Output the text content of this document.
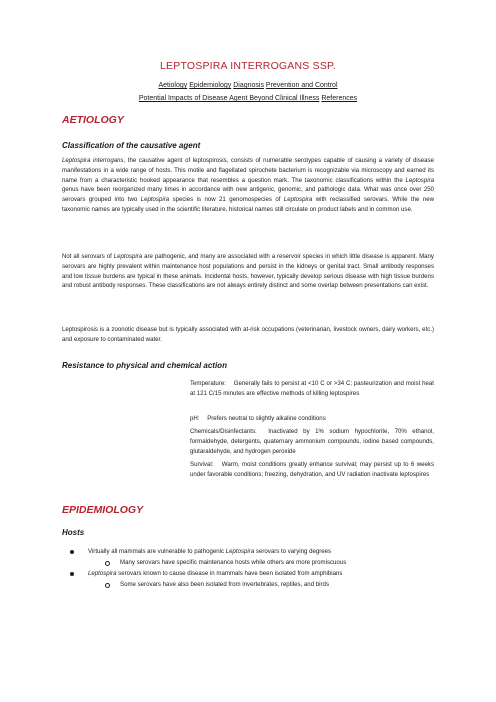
LEPTOSPIRA INTERROGANS SSP.
Aetiology Epidemiology Diagnosis Prevention and Control
Potential Impacts of Disease Agent Beyond Clinical Illness References
AETIOLOGY
Classification of the causative agent

Leptospira interrogans, the causative agent of leptospirosis, consists of numerable serotypes capable of causing a variety of disease manifestations in a wide range of hosts. This motile and flagellated spirochete bacterium is recognizable via microscopy and earned its name from a characteristic hooked appearance that resembles a question mark. The taxonomic classifications within the Leptospira genus have been reorganized many times in accordance with new antigenic, genomic, and pathologic data. What was once over 250 serovars grouped into two Leptospira species is now 21 genomospecies of Leptospira with reclassified serovars. While the new taxonomic names are typically used in the scientific literature, historical names still circulate on product labels and in common use.

Not all serovars of Leptospira are pathogenic, and many are associated with a reservoir species in which little disease is apparent. Many serovars are highly prevalent within maintenance host populations and persist in the kidneys or genital tract. Small antibody responses and low tissue burdens are typical in these animals. Incidental hosts, however, typically develop serious disease with high tissue burdens and robust antibody responses. These classifications are not always entirely distinct and some overlap between presentations can exist.

Leptospirosis is a zoonotic disease but is typically associated with at-risk occupations (veterinarian, livestock owners, dairy workers, etc.) and exposure to contaminated water.

Resistance to physical and chemical action

Temperature: Generally fails to persist at <10 C or >34 C; pasteurization and moist heat at 121 C/15 minutes are effective methods of killing leptospires

pH: Prefers neutral to slightly alkaline conditions

Chemicals/Disinfectants: Inactivated by 1% sodium hypochlorite, 70% ethanol, formaldehyde, detergents, quaternary ammonium compounds, iodine based compounds, glutaraldehyde, and hydrogen peroxide

Survival: Warm, moist conditions greatly enhance survival; may persist up to 6 weeks under favorable conditions; freezing, dehydration, and UV radiation inactivate leptospires

EPIDEMIOLOGY
Hosts
Virtually all mammals are vulnerable to pathogenic Leptospira serovars to varying degrees
Many serovars have specific maintenance hosts while others are more promiscuous
Leptospira serovars known to cause disease in mammals have been isolated from amphibians
Some serovars have also been isolated from invertebrates, reptiles, and birds
